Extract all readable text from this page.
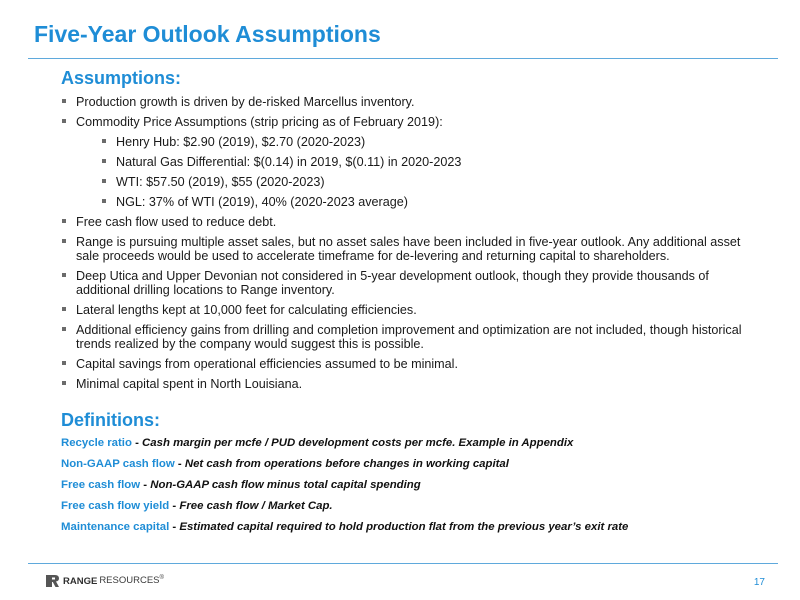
Five-Year Outlook Assumptions
Assumptions:
Production growth is driven by de-risked Marcellus inventory.
Commodity Price Assumptions (strip pricing as of February 2019):
Henry Hub: $2.90 (2019), $2.70 (2020-2023)
Natural Gas Differential: $(0.14) in 2019, $(0.11) in 2020-2023
WTI: $57.50 (2019), $55 (2020-2023)
NGL: 37% of WTI (2019), 40% (2020-2023 average)
Free cash flow used to reduce debt.
Range is pursuing multiple asset sales, but no asset sales have been included in five-year outlook. Any additional asset sale proceeds would be used to accelerate timeframe for de-levering and returning capital to shareholders.
Deep Utica and Upper Devonian not considered in 5-year development outlook, though they provide thousands of additional drilling locations to Range inventory.
Lateral lengths kept at 10,000 feet for calculating efficiencies.
Additional efficiency gains from drilling and completion improvement and optimization are not included, though historical trends realized by the company would suggest this is possible.
Capital savings from operational efficiencies assumed to be minimal.
Minimal capital spent in North Louisiana.
Definitions:
Recycle ratio - Cash margin per mcfe / PUD development costs per mcfe. Example in Appendix
Non-GAAP cash flow - Net cash from operations before changes in working capital
Free cash flow - Non-GAAP cash flow minus total capital spending
Free cash flow yield - Free cash flow / Market Cap.
Maintenance capital - Estimated capital required to hold production flat from the previous year’s exit rate
RANGE RESOURCES®	17
